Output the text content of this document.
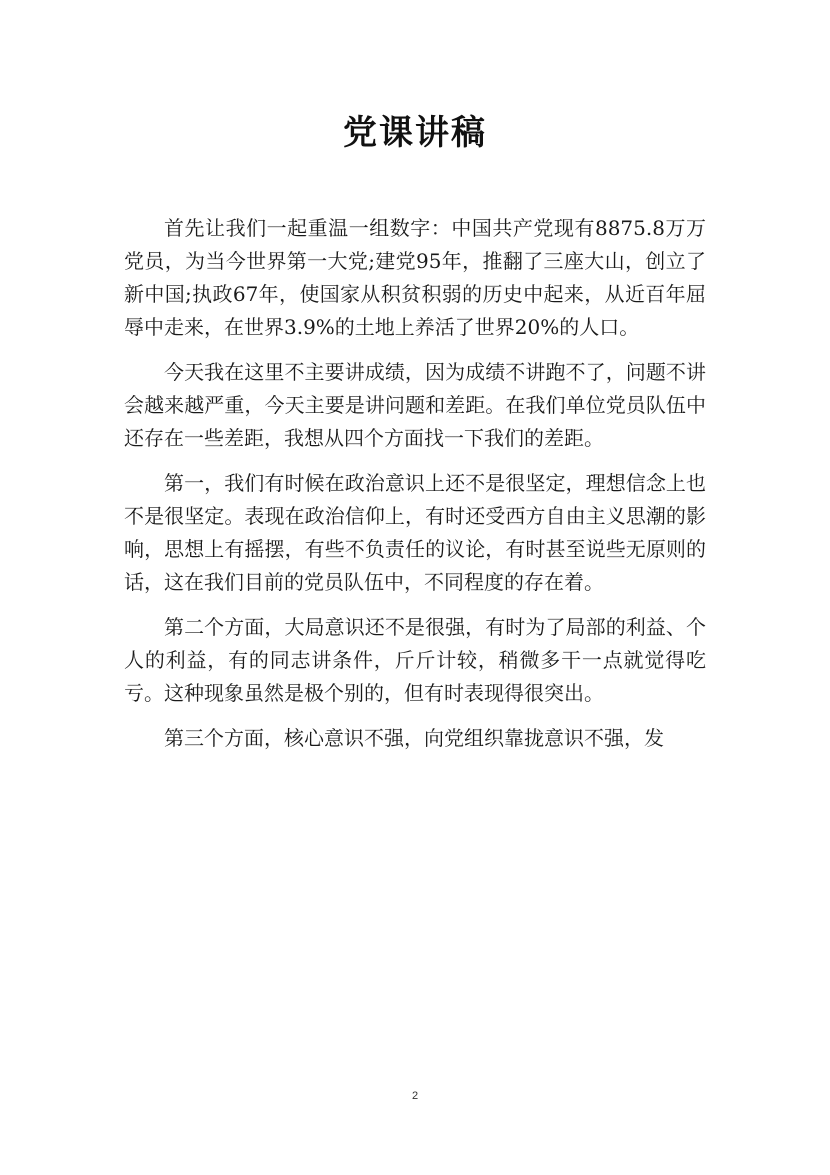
党课讲稿

首先让我们一起重温一组数字：中国共产党现有8875.8万万党员，为当今世界第一大党;建党95年，推翻了三座大山，创立了新中国;执政67年，使国家从积贫积弱的历史中起来，从近百年屈辱中走来，在世界3.9%的土地上养活了世界20%的人口。

今天我在这里不主要讲成绩，因为成绩不讲跑不了，问题不讲会越来越严重，今天主要是讲问题和差距。在我们单位党员队伍中还存在一些差距，我想从四个方面找一下我们的差距。

第一，我们有时候在政治意识上还不是很坚定，理想信念上也不是很坚定。表现在政治信仰上，有时还受西方自由主义思潮的影响，思想上有摇摆，有些不负责任的议论，有时甚至说些无原则的话，这在我们目前的党员队伍中，不同程度的存在着。

第二个方面，大局意识还不是很强，有时为了局部的利益、个人的利益，有的同志讲条件，斤斤计较，稍微多干一点就觉得吃亏。这种现象虽然是极个别的，但有时表现得很突出。

第三个方面，核心意识不强，向党组织靠拢意识不强，发

2
